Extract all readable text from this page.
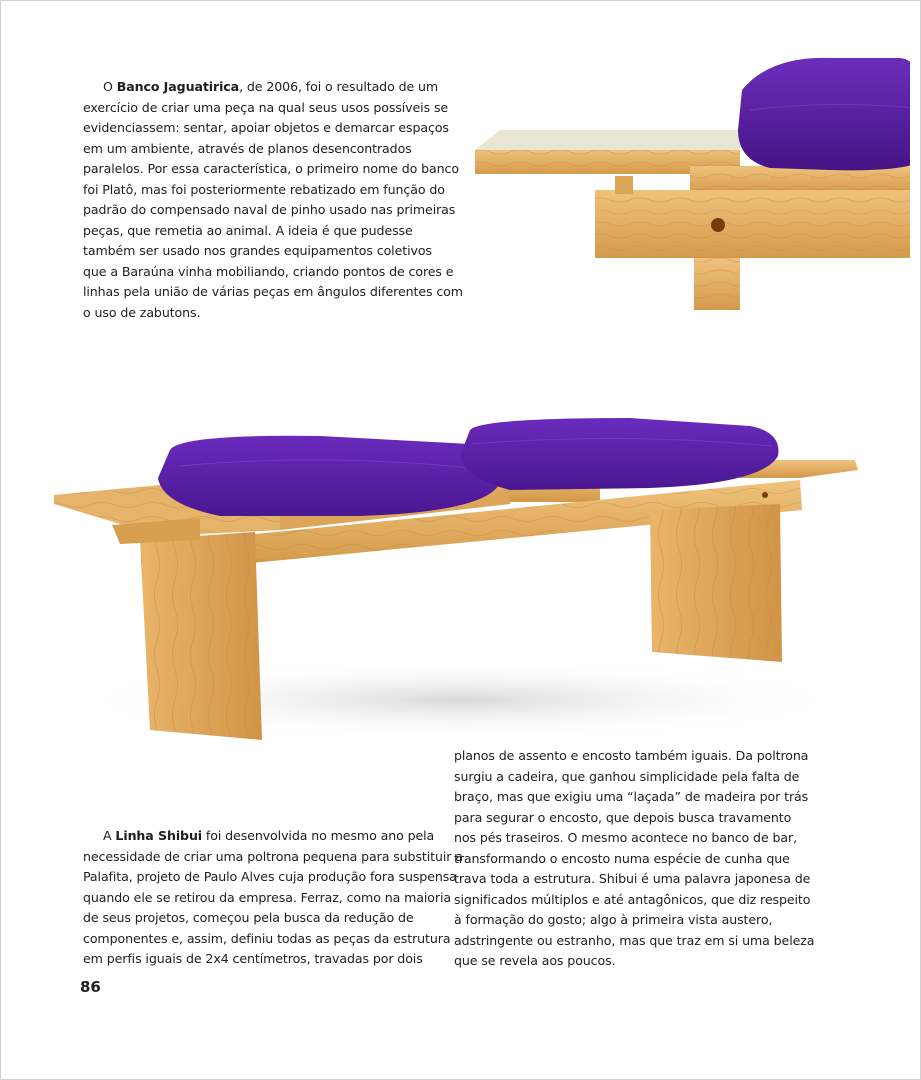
O Banco Jaguatirica, de 2006, foi o resultado de um
exercício de criar uma peça na qual seus usos possíveis se
evidenciassem: sentar, apoiar objetos e demarcar espaços
em um ambiente, através de planos desencontrados
paralelos. Por essa característica, o primeiro nome do banco
foi Platô, mas foi posteriormente rebatizado em função do
padrão do compensado naval de pinho usado nas primeiras
peças, que remetia ao animal. A ideia é que pudesse
também ser usado nos grandes equipamentos coletivos
que a Baraúna vinha mobiliando, criando pontos de cores e
linhas pela união de várias peças em ângulos diferentes com
o uso de zabutons.

A Linha Shibui foi desenvolvida no mesmo ano pela
necessidade de criar uma poltrona pequena para substituir a
Palafita, projeto de Paulo Alves cuja produção fora suspensa
quando ele se retirou da empresa. Ferraz, como na maioria
de seus projetos, começou pela busca da redução de
componentes e, assim, definiu todas as peças da estrutura
em perfis iguais de 2x4 centímetros, travadas por dois

planos de assento e encosto também iguais. Da poltrona
surgiu a cadeira, que ganhou simplicidade pela falta de
braço, mas que exigiu uma “laçada” de madeira por trás
para segurar o encosto, que depois busca travamento
nos pés traseiros. O mesmo acontece no banco de bar,
transformando o encosto numa espécie de cunha que
trava toda a estrutura. Shibui é uma palavra japonesa de
significados múltiplos e até antagônicos, que diz respeito
à formação do gosto; algo à primeira vista austero,
adstringente ou estranho, mas que traz em si uma beleza
que se revela aos poucos.

86
